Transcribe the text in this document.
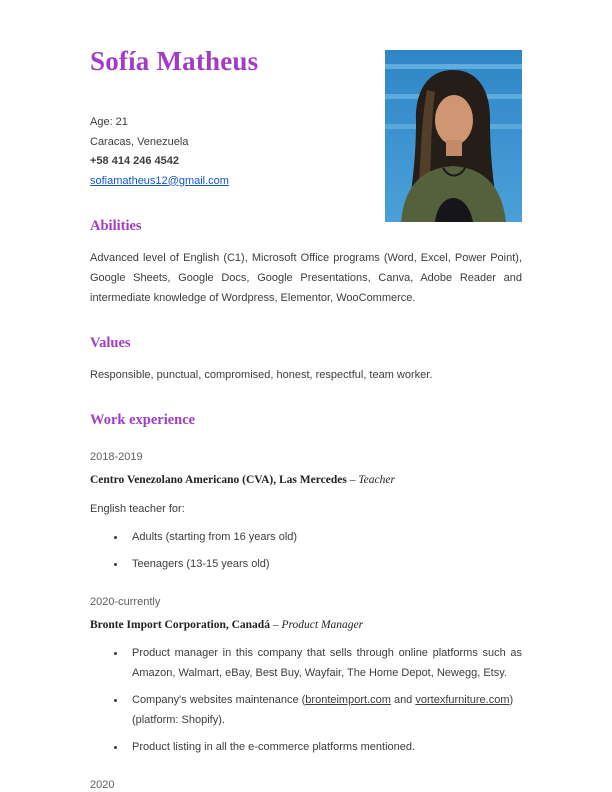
Sofía Matheus
Age: 21
Caracas, Venezuela
+58 414 246 4542
sofiamatheus12@gmail.com
Abilities

Advanced level of English (C1), Microsoft Office programs (Word, Excel, Power Point), Google Sheets, Google Docs, Google Presentations, Canva, Adobe Reader and intermediate knowledge of Wordpress, Elementor, WooCommerce.

Values

Responsible, punctual, compromised, honest, respectful, team worker.

Work experience
2018-2019
Centro Venezolano Americano (CVA), Las Mercedes – Teacher
English teacher for:
• Adults (starting from 16 years old)
• Teenagers (13-15 years old)
2020-currently
Bronte Import Corporation, Canadá – Product Manager
• Product manager in this company that sells through online platforms such as Amazon, Walmart, eBay, Best Buy, Wayfair, The Home Depot, Newegg, Etsy.
• Company's websites maintenance (bronteimport.com and vortexfurniture.com) (platform: Shopify).
• Product listing in all the e-commerce platforms mentioned.
2020
